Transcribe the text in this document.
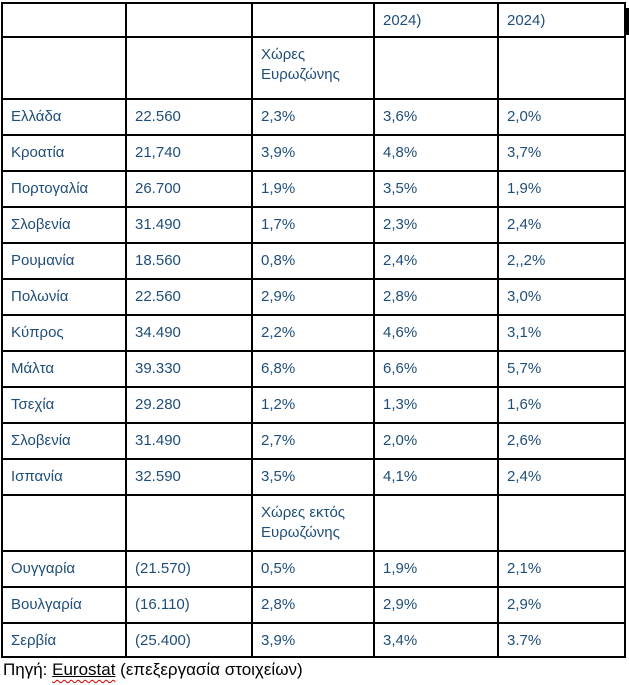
			2024)	2024)
		Χώρες Ευρωζώνης		
Ελλάδα	22.560	2,3%	3,6%	2,0%
Κροατία	21,740	3,9%	4,8%	3,7%
Πορτογαλία	26.700	1,9%	3,5%	1,9%
Σλοβενία	31.490	1,7%	2,3%	2,4%
Ρουμανία	18.560	0,8%	2,4%	2,,2%
Πολωνία	22.560	2,9%	2,8%	3,0%
Κύπρος	34.490	2,2%	4,6%	3,1%
Μάλτα	39.330	6,8%	6,6%	5,7%
Τσεχία	29.280	1,2%	1,3%	1,6%
Σλοβενία	31.490	2,7%	2,0%	2,6%
Ισπανία	32.590	3,5%	4,1%	2,4%
		Χώρες εκτός Ευρωζώνης		
Ουγγαρία	(21.570)	0,5%	1,9%	2,1%
Βουλγαρία	(16.110)	2,8%	2,9%	2,9%
Σερβία	(25.400)	3,9%	3,4%	3.7%
Πηγή: Eurostat (επεξεργασία στοιχείων)
